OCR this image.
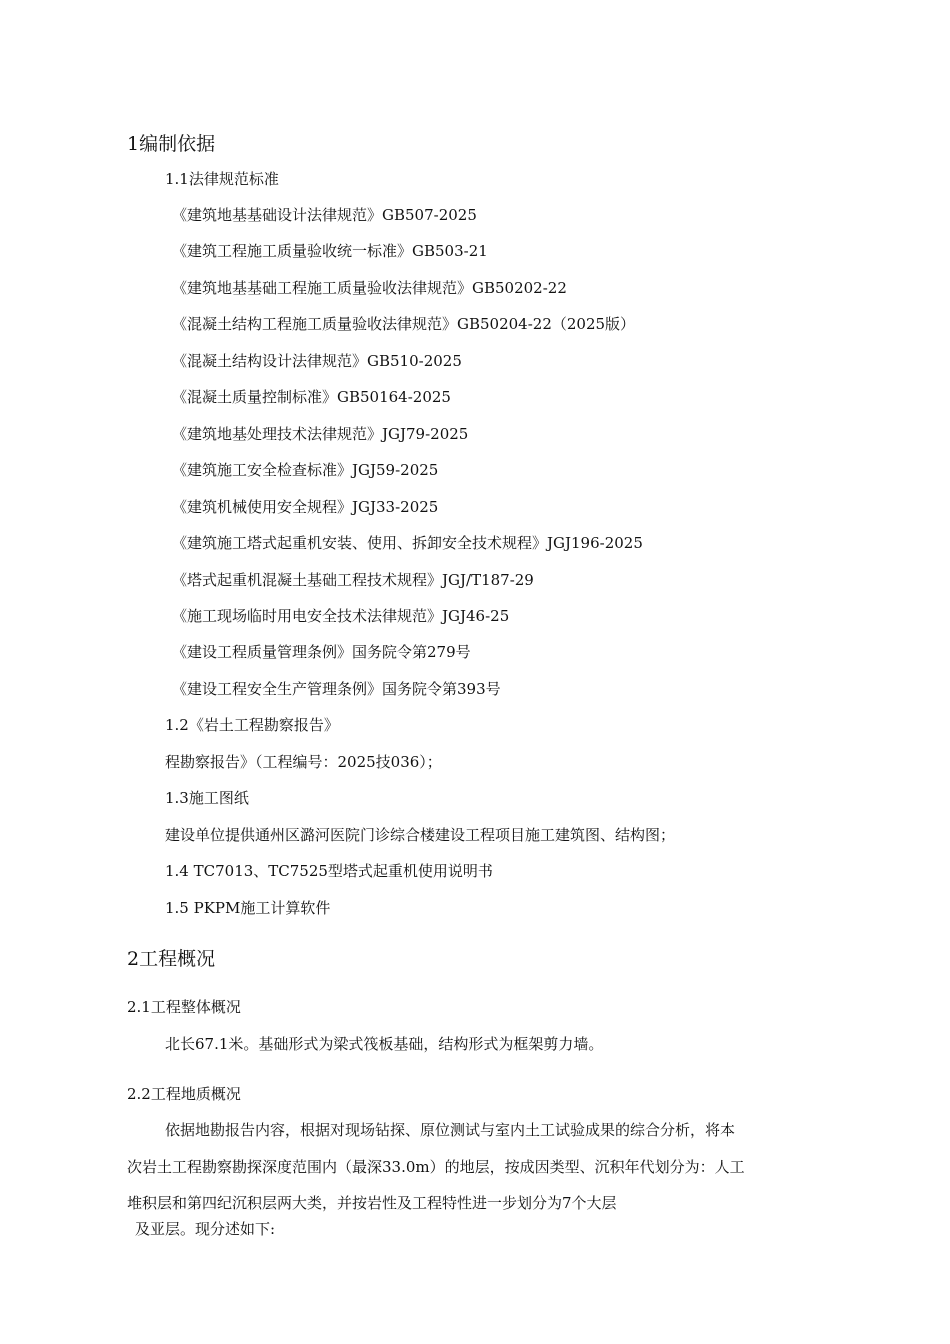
1编制依据
1.1法律规范标准
《建筑地基基础设计法律规范》GB507-2025
《建筑工程施工质量验收统一标准》GB503-21
《建筑地基基础工程施工质量验收法律规范》GB50202-22
《混凝土结构工程施工质量验收法律规范》GB50204-22（2025版）
《混凝土结构设计法律规范》GB510-2025
《混凝土质量控制标准》GB50164-2025
《建筑地基处理技术法律规范》JGJ79-2025
《建筑施工安全检查标准》JGJ59-2025
《建筑机械使用安全规程》JGJ33-2025
《建筑施工塔式起重机安装、使用、拆卸安全技术规程》JGJ196-2025
《塔式起重机混凝土基础工程技术规程》JGJ/T187-29
《施工现场临时用电安全技术法律规范》JGJ46-25
《建设工程质量管理条例》国务院令第279号
《建设工程安全生产管理条例》国务院令第393号
1.2《岩土工程勘察报告》
程勘察报告》（工程编号：2025技036）；
1.3施工图纸
建设单位提供通州区潞河医院门诊综合楼建设工程项目施工建筑图、结构图；
1.4 TC7013、TC7525型塔式起重机使用说明书
1.5 PKPM施工计算软件
2工程概况
2.1工程整体概况
北长67.1米。基础形式为梁式筏板基础，结构形式为框架剪力墙。
2.2工程地质概况
依据地勘报告内容，根据对现场钻探、原位测试与室内土工试验成果的综合分析，将本
次岩土工程勘察勘探深度范围内（最深33.0m）的地层，按成因类型、沉积年代划分为：人工
堆积层和第四纪沉积层两大类，并按岩性及工程特性进一步划分为7个大层
及亚层。现分述如下:
